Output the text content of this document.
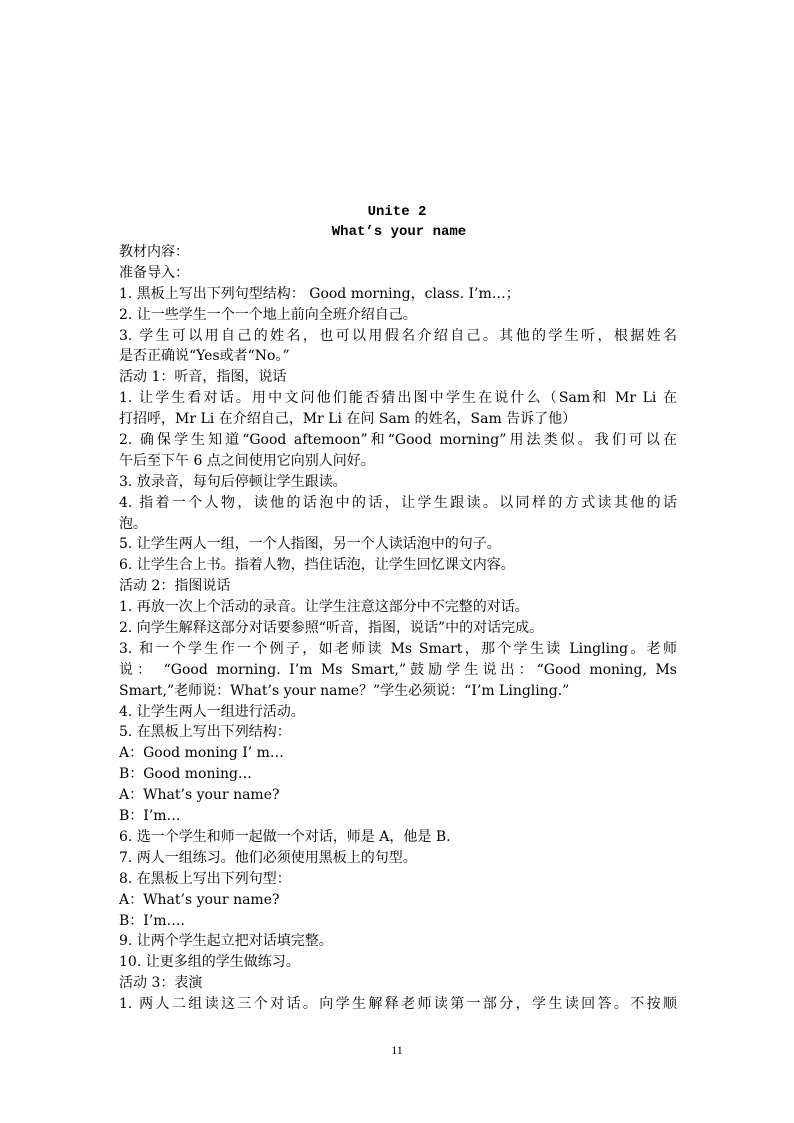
Unite 2
What’s your name
教材内容：
准备导入：
1. 黑板上写出下列句型结构： Good morning，class. I’m…；
2. 让一些学生一个一个地上前向全班介绍自己。
3. 学生可以用自己的姓名，也可以用假名介绍自己。其他的学生听，根据姓名
是否正确说“Yes或者“No。”
活动 1：听音，指图，说话
1. 让学生看对话。用中文问他们能否猜出图中学生在说什么（Sam和 Mr Li 在
打招呼，Mr Li 在介绍自己，Mr Li 在问 Sam 的姓名，Sam 告诉了他）
2. 确保学生知道“Good aftemoon”和“Good morning”用法类似。我们可以在
午后至下午 6 点之间使用它向别人问好。
3. 放录音，每句后停顿让学生跟读。
4. 指着一个人物，读他的话泡中的话，让学生跟读。以同样的方式读其他的话
泡。
5. 让学生两人一组，一个人指图，另一个人读话泡中的句子。
6. 让学生合上书。指着人物，挡住话泡，让学生回忆课文内容。
活动 2：指图说话
1. 再放一次上个活动的录音。让学生注意这部分中不完整的对话。
2. 向学生解释这部分对话要参照“听音，指图，说话”中的对话完成。
3. 和一个学生作一个例子，如老师读 Ms Smart，那个学生读 Lingling。老师
说： “Good morning. I’m Ms Smart,”鼓励学生说出：“Good moning, Ms
Smart,”老师说：What’s your name？”学生必须说：“I’m Lingling.”
4. 让学生两人一组进行活动。
5. 在黑板上写出下列结构：
A：Good moning I’ m…
B：Good moning…
A：What’s your name?
B：I’m…
6. 选一个学生和师一起做一个对话，师是 A，他是 B.
7. 两人一组练习。他们必须使用黑板上的句型。
8. 在黑板上写出下列句型：
A：What’s your name?
B：I’m….
9. 让两个学生起立把对话填完整。
10. 让更多组的学生做练习。
活动 3：表演
1. 两人二组读这三个对话。向学生解释老师读第一部分，学生读回答。不按顺
11
